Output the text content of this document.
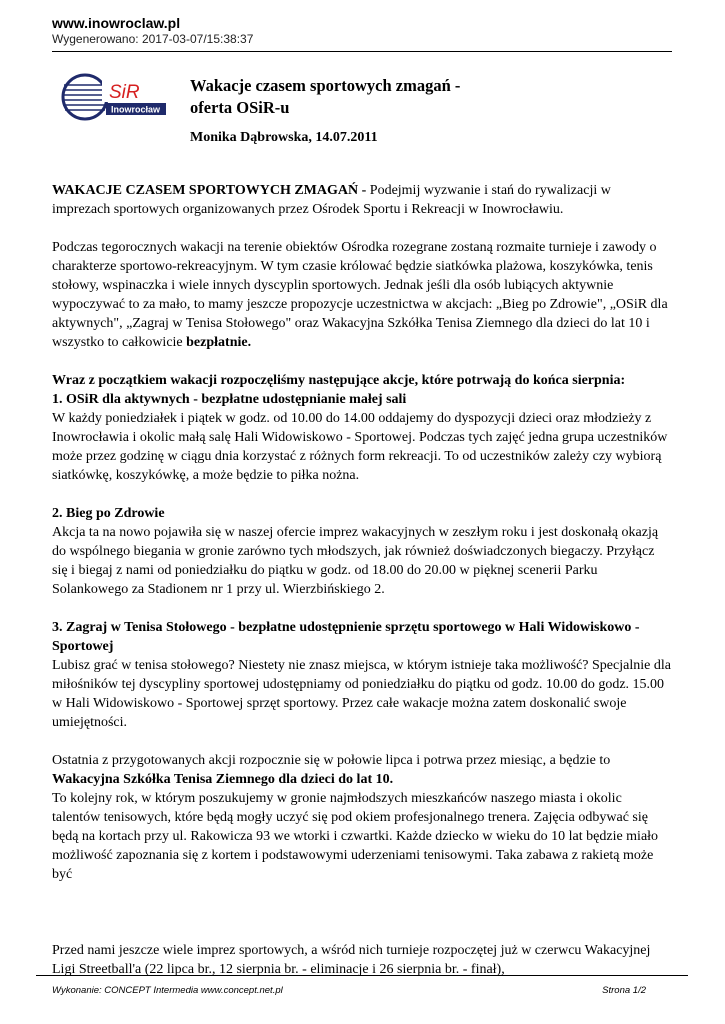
www.inowroclaw.pl
Wygenerowano: 2017-03-07/15:38:37
SiR
Inowrocław
Wakacje czasem sportowych zmagań -
oferta OSiR-u
Monika Dąbrowska, 14.07.2011

WAKACJE CZASEM SPORTOWYCH ZMAGAŃ - Podejmij wyzwanie i stań do rywalizacji w imprezach sportowych organizowanych przez Ośrodek Sportu i Rekreacji w Inowrocławiu.

Podczas tegorocznych wakacji na terenie obiektów Ośrodka rozegrane zostaną rozmaite turnieje i zawody o charakterze sportowo-rekreacyjnym. W tym czasie królować będzie siatkówka plażowa, koszykówka, tenis stołowy, wspinaczka i wiele innych dyscyplin sportowych. Jednak jeśli dla osób lubiących aktywnie wypoczywać to za mało, to mamy jeszcze propozycje uczestnictwa w akcjach: „Bieg po Zdrowie", „OSiR dla aktywnych", „Zagraj w Tenisa Stołowego" oraz Wakacyjna Szkółka Tenisa Ziemnego dla dzieci do lat 10 i wszystko to całkowicie bezpłatnie.

Wraz z początkiem wakacji rozpoczęliśmy następujące akcje, które potrwają do końca sierpnia:

1. OSiR dla aktywnych - bezpłatne udostępnianie małej sali

W każdy poniedziałek i piątek w godz. od 10.00 do 14.00 oddajemy do dyspozycji dzieci oraz młodzieży z Inowrocławia i okolic małą salę Hali Widowiskowo - Sportowej. Podczas tych zajęć jedna grupa uczestników może przez godzinę w ciągu dnia korzystać z różnych form rekreacji. To od uczestników zależy czy wybiorą siatkówkę, koszykówkę, a może będzie to piłka nożna.

2. Bieg po Zdrowie

Akcja ta na nowo pojawiła się w naszej ofercie imprez wakacyjnych w zeszłym roku i jest doskonałą okazją do wspólnego biegania w gronie zarówno tych młodszych, jak również doświadczonych biegaczy. Przyłącz się i biegaj z nami od poniedziałku do piątku w godz. od 18.00 do 20.00 w pięknej scenerii Parku Solankowego za Stadionem nr 1 przy ul. Wierzbińskiego 2.

3. Zagraj w Tenisa Stołowego - bezpłatne udostępnienie sprzętu sportowego w Hali Widowiskowo - Sportowej

Lubisz grać w tenisa stołowego? Niestety nie znasz miejsca, w którym istnieje taka możliwość? Specjalnie dla miłośników tej dyscypliny sportowej udostępniamy od poniedziałku do piątku od godz. 10.00 do godz. 15.00 w Hali Widowiskowo - Sportowej sprzęt sportowy. Przez całe wakacje można zatem doskonalić swoje umiejętności.

Ostatnia z przygotowanych akcji rozpocznie się w połowie lipca i potrwa przez miesiąc, a będzie to Wakacyjna Szkółka Tenisa Ziemnego dla dzieci do lat 10.

To kolejny rok, w którym poszukujemy w gronie najmłodszych mieszkańców naszego miasta i okolic talentów tenisowych, które będą mogły uczyć się pod okiem profesjonalnego trenera. Zajęcia odbywać się będą na kortach przy ul. Rakowicza 93 we wtorki i czwartki. Każde dziecko w wieku do 10 lat będzie miało możliwość zapoznania się z kortem i podstawowymi uderzeniami tenisowymi. Taka zabawa z rakietą może być

Przed nami jeszcze wiele imprez sportowych, a wśród nich turnieje rozpoczętej już w czerwcu Wakacyjnej Ligi Streetball'a (22 lipca br., 12 sierpnia br. - eliminacje i 26 sierpnia br. - finał),

Wykonanie: CONCEPT Intermedia www.concept.net.pl	Strona 1/2
